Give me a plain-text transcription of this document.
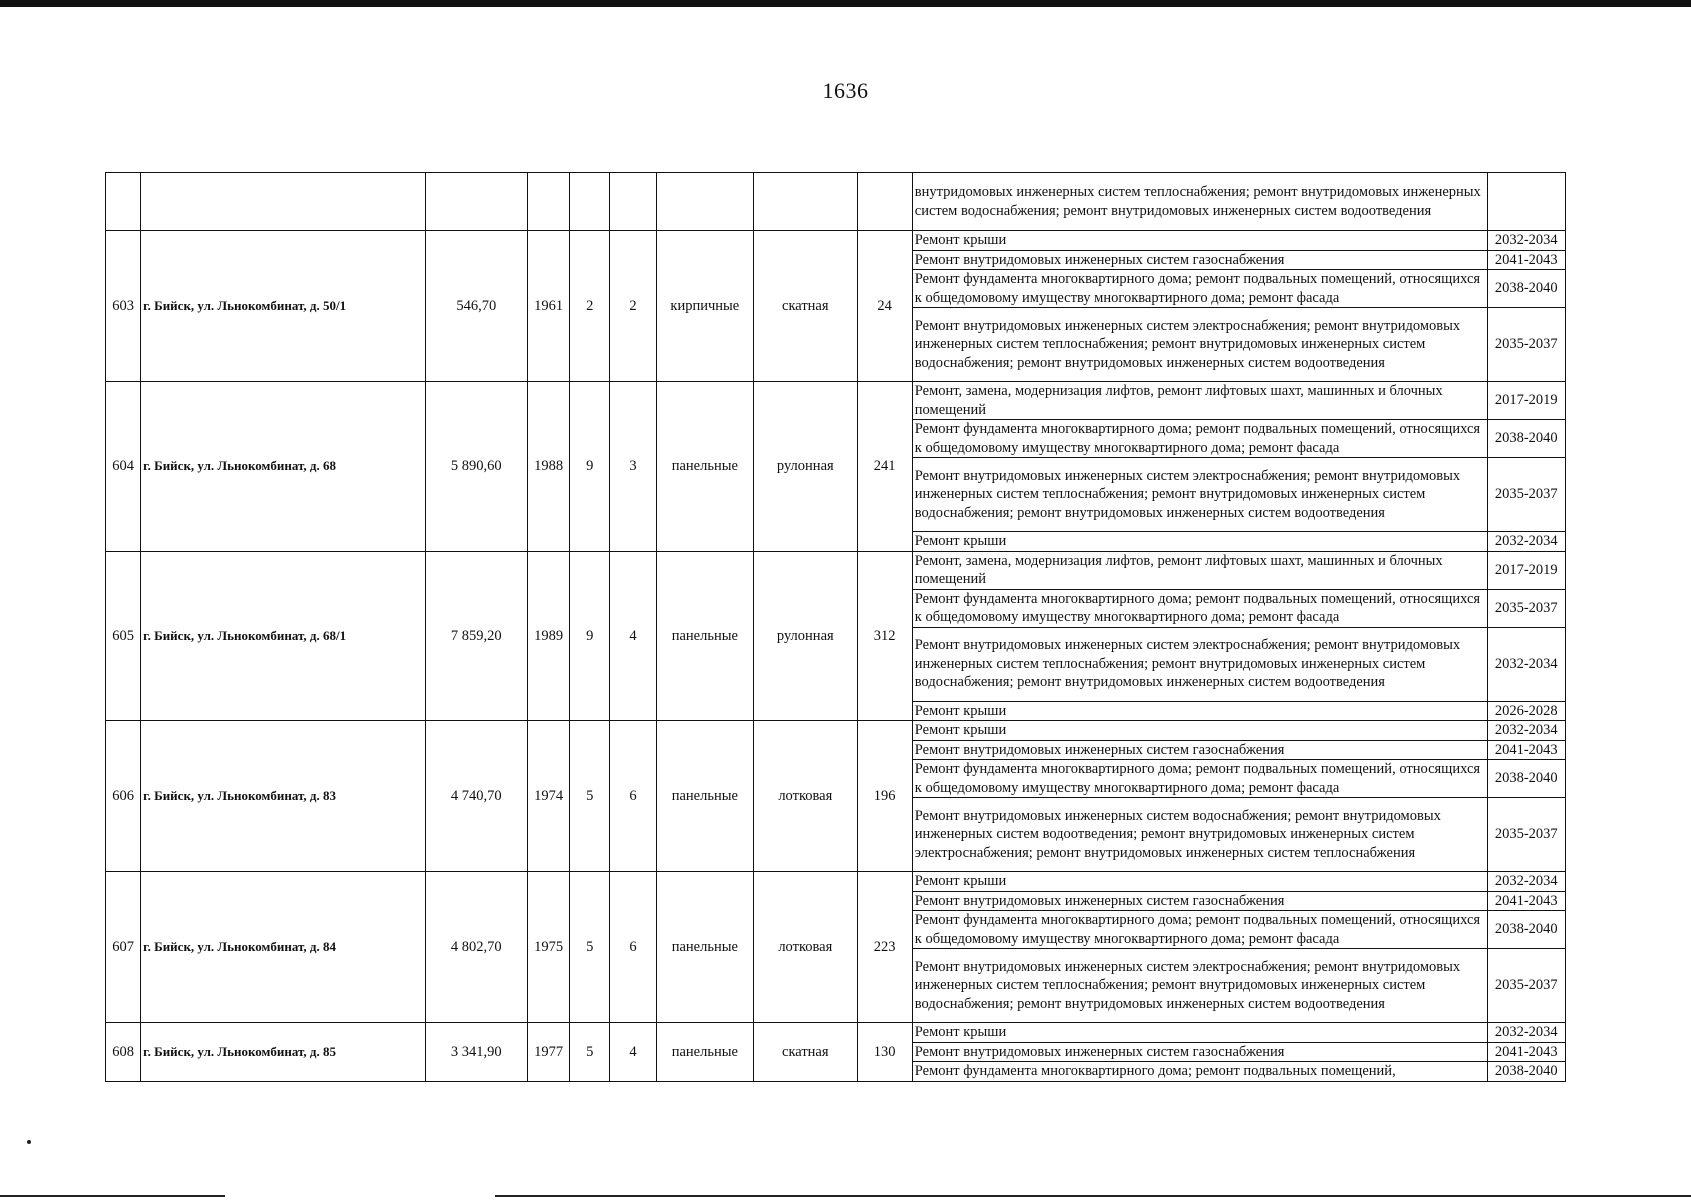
1636
									внутридомовых инженерных систем теплоснабжения; ремонт внутридомовых инженерных систем водоснабжения; ремонт внутридомовых инженерных систем водоотведения	
603	г. Бийск, ул. Льнокомбинат, д. 50/1	546,70	1961	2	2	кирпичные	скатная	24	Ремонт крыши	2032-2034
									Ремонт внутридомовых инженерных систем газоснабжения	2041-2043
									Ремонт фундамента многоквартирного дома; ремонт подвальных помещений, относящихся к общедомовому имуществу многоквартирного дома; ремонт фасада	2038-2040
									Ремонт внутридомовых инженерных систем электроснабжения; ремонт внутридомовых инженерных систем теплоснабжения; ремонт внутридомовых инженерных систем водоснабжения; ремонт внутридомовых инженерных систем водоотведения	2035-2037
604	г. Бийск, ул. Льнокомбинат, д. 68	5 890,60	1988	9	3	панельные	рулонная	241	Ремонт, замена, модернизация лифтов, ремонт лифтовых шахт, машинных и блочных помещений	2017-2019
									Ремонт фундамента многоквартирного дома; ремонт подвальных помещений, относящихся к общедомовому имуществу многоквартирного дома; ремонт фасада	2038-2040
									Ремонт внутридомовых инженерных систем электроснабжения; ремонт внутридомовых инженерных систем теплоснабжения; ремонт внутридомовых инженерных систем водоснабжения; ремонт внутридомовых инженерных систем водоотведения	2035-2037
									Ремонт крыши	2032-2034
605	г. Бийск, ул. Льнокомбинат, д. 68/1	7 859,20	1989	9	4	панельные	рулонная	312	Ремонт, замена, модернизация лифтов, ремонт лифтовых шахт, машинных и блочных помещений	2017-2019
									Ремонт фундамента многоквартирного дома; ремонт подвальных помещений, относящихся к общедомовому имуществу многоквартирного дома; ремонт фасада	2035-2037
									Ремонт внутридомовых инженерных систем электроснабжения; ремонт внутридомовых инженерных систем теплоснабжения; ремонт внутридомовых инженерных систем водоснабжения; ремонт внутридомовых инженерных систем водоотведения	2032-2034
									Ремонт крыши	2026-2028
606	г. Бийск, ул. Льнокомбинат, д. 83	4 740,70	1974	5	6	панельные	лотковая	196	Ремонт крыши	2032-2034
									Ремонт внутридомовых инженерных систем газоснабжения	2041-2043
									Ремонт фундамента многоквартирного дома; ремонт подвальных помещений, относящихся к общедомовому имуществу многоквартирного дома; ремонт фасада	2038-2040
									Ремонт внутридомовых инженерных систем водоснабжения; ремонт внутридомовых инженерных систем водоотведения; ремонт внутридомовых инженерных систем электроснабжения; ремонт внутридомовых инженерных систем теплоснабжения	2035-2037
607	г. Бийск, ул. Льнокомбинат, д. 84	4 802,70	1975	5	6	панельные	лотковая	223	Ремонт крыши	2032-2034
									Ремонт внутридомовых инженерных систем газоснабжения	2041-2043
									Ремонт фундамента многоквартирного дома; ремонт подвальных помещений, относящихся к общедомовому имуществу многоквартирного дома; ремонт фасада	2038-2040
									Ремонт внутридомовых инженерных систем электроснабжения; ремонт внутридомовых инженерных систем теплоснабжения; ремонт внутридомовых инженерных систем водоснабжения; ремонт внутридомовых инженерных систем водоотведения	2035-2037
608	г. Бийск, ул. Льнокомбинат, д. 85	3 341,90	1977	5	4	панельные	скатная	130	Ремонт крыши	2032-2034
									Ремонт внутридомовых инженерных систем газоснабжения	2041-2043
									Ремонт фундамента многоквартирного дома; ремонт подвальных помещений,	2038-2040
